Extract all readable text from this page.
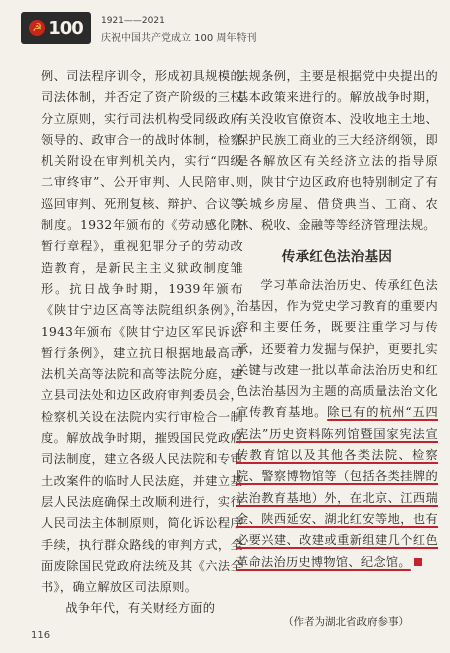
☭ 100 1921——2021
庆祝中国共产党成立 100 周年特刊

例、司法程序训令，形成初具规模的司法体制，并否定了资产阶级的三权分立原则，实行司法机构受同级政府领导的、政审合一的战时体制，检察机关附设在审判机关内，实行“四级二审终审”、公开审判、人民陪审、巡回审判、死刑复核、辩护、合议等制度。1932年颁布的《劳动感化院暂行章程》，重视犯罪分子的劳动改造教育，是新民主主义狱政制度雏形。抗日战争时期，1939年颁布《陕甘宁边区高等法院组织条例》，1943年颁布《陕甘宁边区军民诉讼暂行条例》，建立抗日根据地最高司法机关高等法院和高等法院分庭，建立县司法处和边区政府审判委员会，检察机关设在法院内实行审检合一制度。解放战争时期，摧毁国民党政府司法制度，建立各级人民法院和专审土改案件的临时人民法庭，并建立基层人民法庭确保土改顺利进行，实行人民司法主体制原则，简化诉讼程序手续，执行群众路线的审判方式，全面废除国民党政府法统及其《六法全书》，确立解放区司法原则。

战争年代，有关财经方面的

法规条例，主要是根据党中央提出的基本政策来进行的。解放战争时期，有关没收官僚资本、没收地主土地、保护民族工商业的三大经济纲领，即是各解放区有关经济立法的指导原则，陕甘宁边区政府也特别制定了有关城乡房屋、借贷典当、工商、农林、税收、金融等等经济管理法规。

传承红色法治基因

学习革命法治历史、传承红色法治基因，作为党史学习教育的重要内容和主要任务，既要注重学习与传承，还要着力发掘与保护，更要扎实关键与改建一批以革命法治历史和红色法治基因为主题的高质量法治文化宣传教育基地。除已有的杭州“五四宪法”历史资料陈列馆暨国家宪法宣传教育馆以及其他各类法院、检察院、警察博物馆等（包括各类挂牌的法治教育基地）外，在北京、江西瑞金、陕西延安、湖北红安等地，也有必要兴建、改建或重新组建几个红色革命法治历史博物馆、纪念馆。

（作者为湖北省政府参事）
116
